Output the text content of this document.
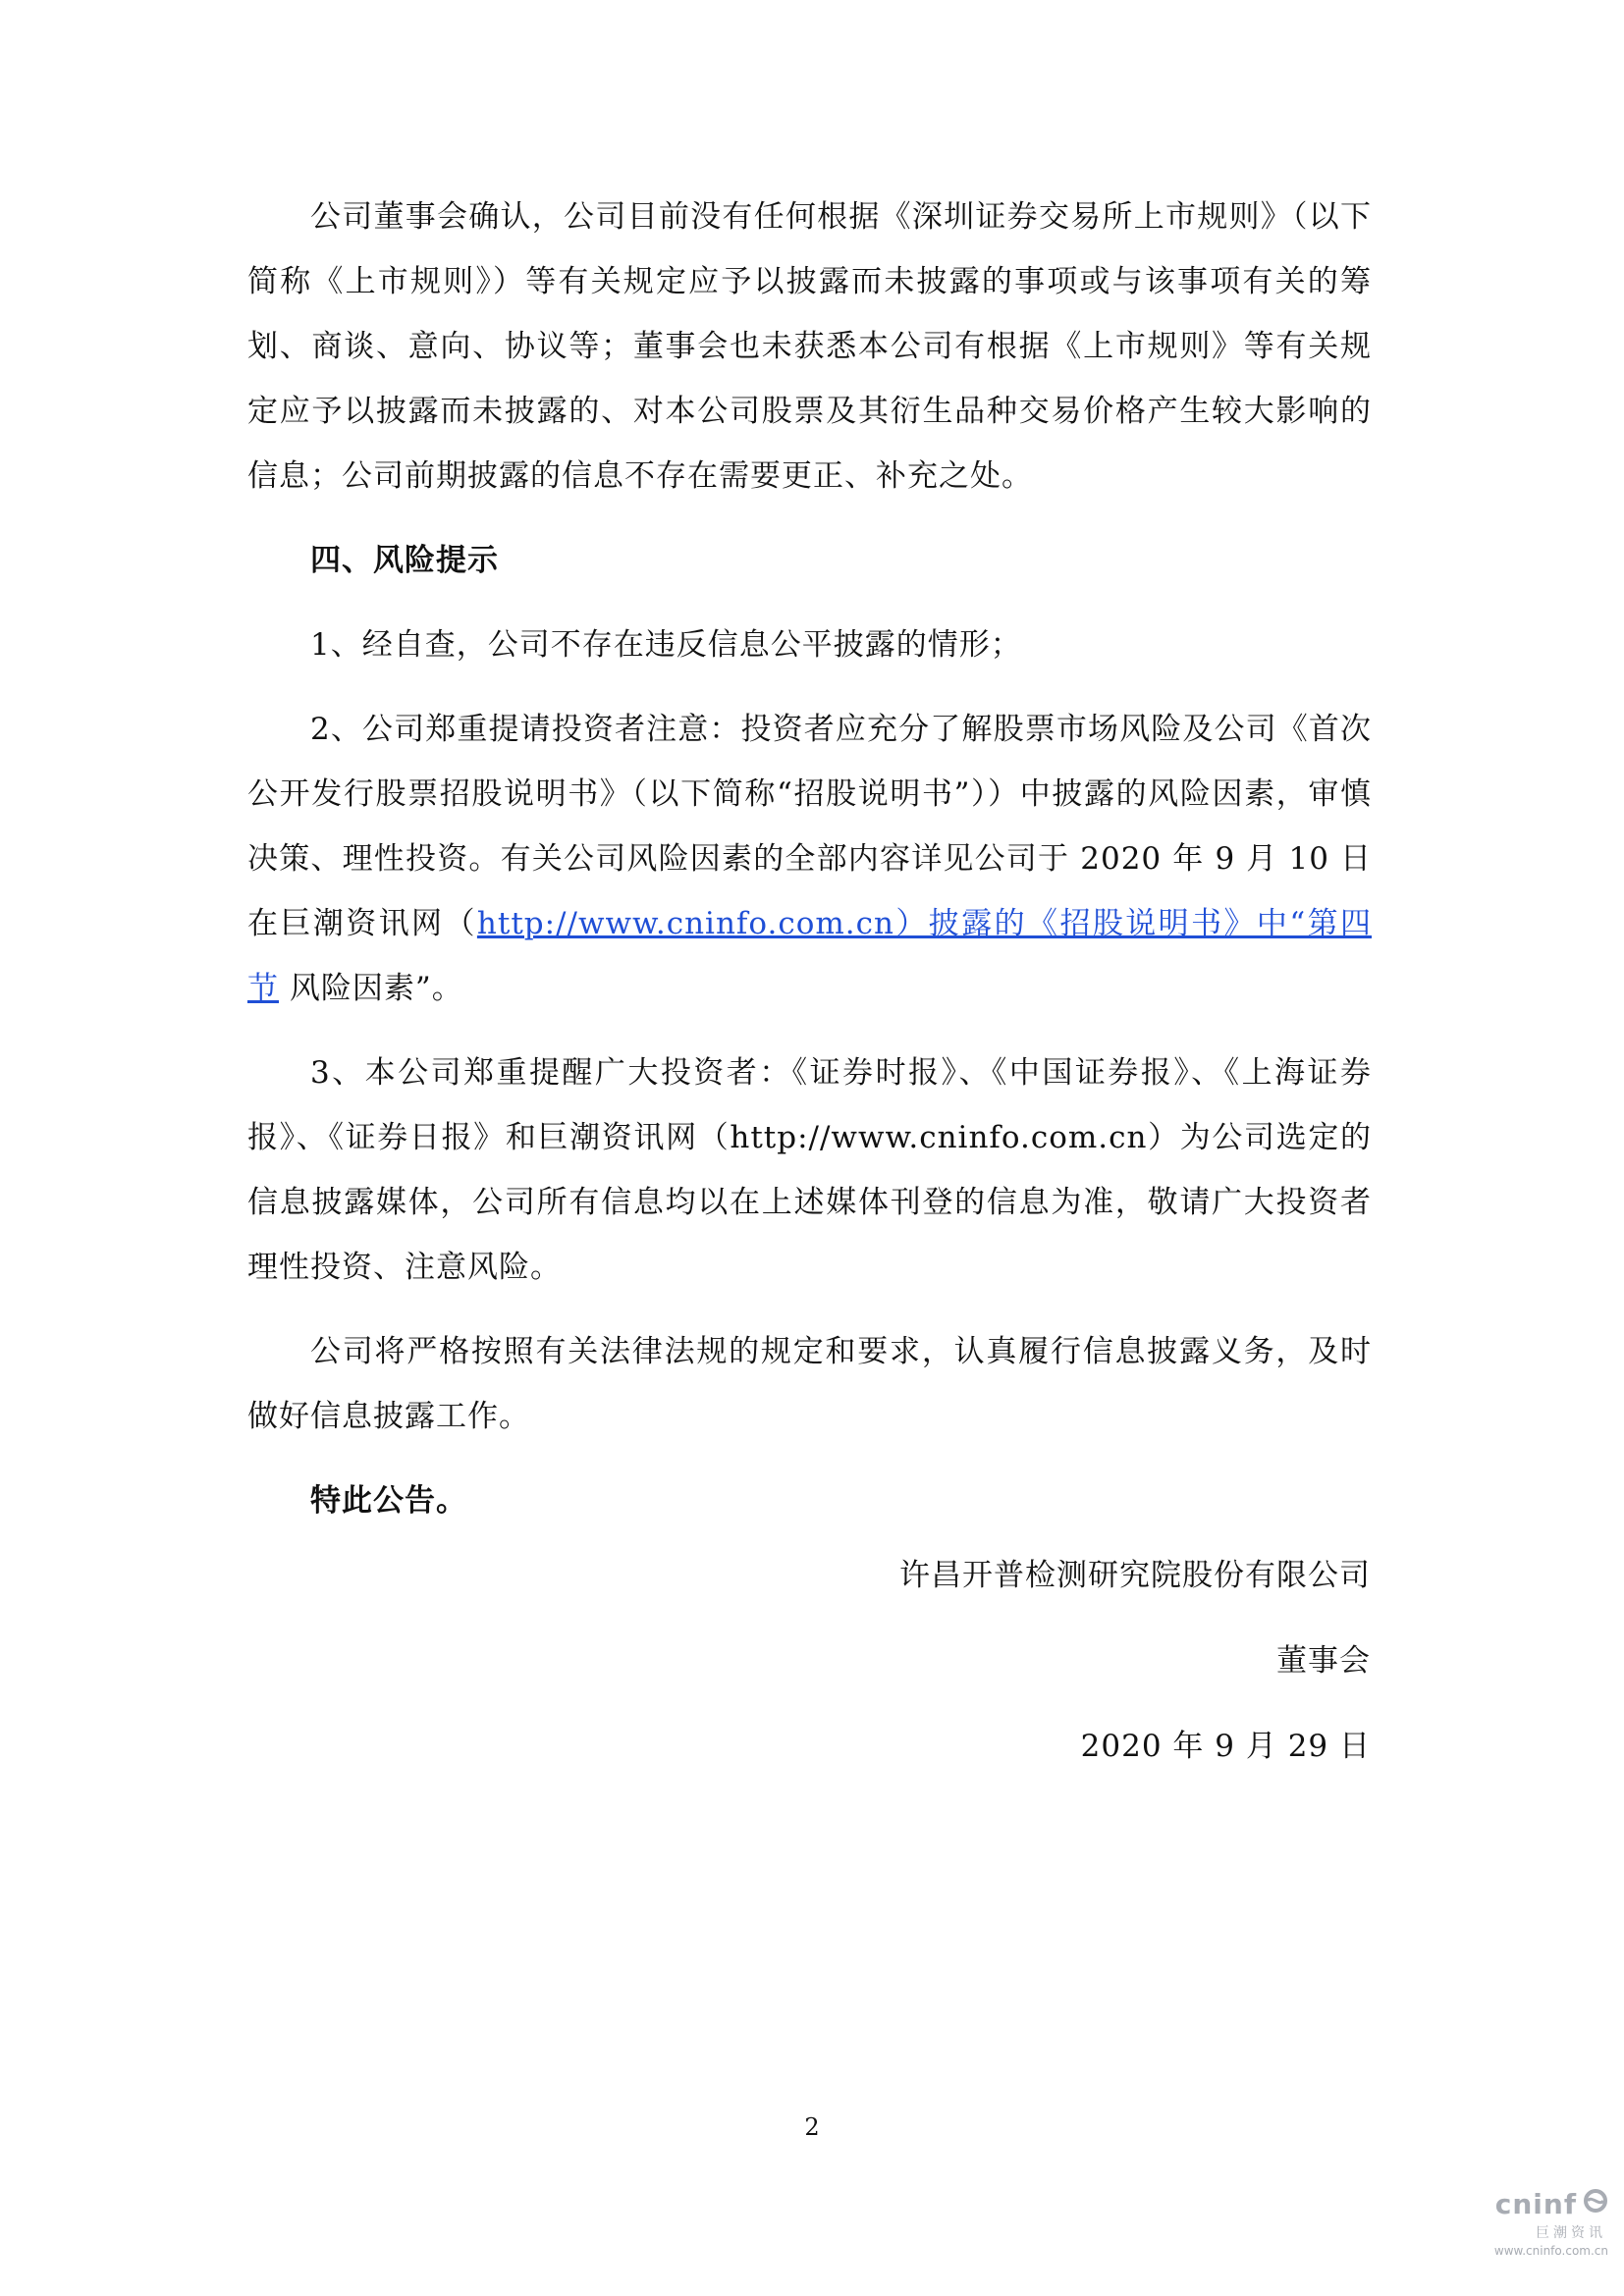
公司董事会确认，公司目前没有任何根据《深圳证券交易所上市规则》（以下简称《上市规则》）等有关规定应予以披露而未披露的事项或与该事项有关的筹划、商谈、意向、协议等；董事会也未获悉本公司有根据《上市规则》等有关规定应予以披露而未披露的、对本公司股票及其衍生品种交易价格产生较大影响的信息；公司前期披露的信息不存在需要更正、补充之处。

四、风险提示

1、经自查，公司不存在违反信息公平披露的情形；

2、公司郑重提请投资者注意：投资者应充分了解股票市场风险及公司《首次公开发行股票招股说明书》（以下简称“招股说明书”））中披露的风险因素，审慎决策、理性投资。有关公司风险因素的全部内容详见公司于 2020 年 9 月 10 日在巨潮资讯网（http://www.cninfo.com.cn）披露的《招股说明书》中“第四节 风险因素”。

3、本公司郑重提醒广大投资者：《证券时报》、《中国证券报》、《上海证券报》、《证券日报》和巨潮资讯网（http://www.cninfo.com.cn）为公司选定的信息披露媒体，公司所有信息均以在上述媒体刊登的信息为准，敬请广大投资者理性投资、注意风险。

公司将严格按照有关法律法规的规定和要求，认真履行信息披露义务，及时做好信息披露工作。

特此公告。

许昌开普检测研究院股份有限公司
董事会
2020 年 9 月 29 日
2
cninf
巨潮资讯
www.cninfo.com.cn
